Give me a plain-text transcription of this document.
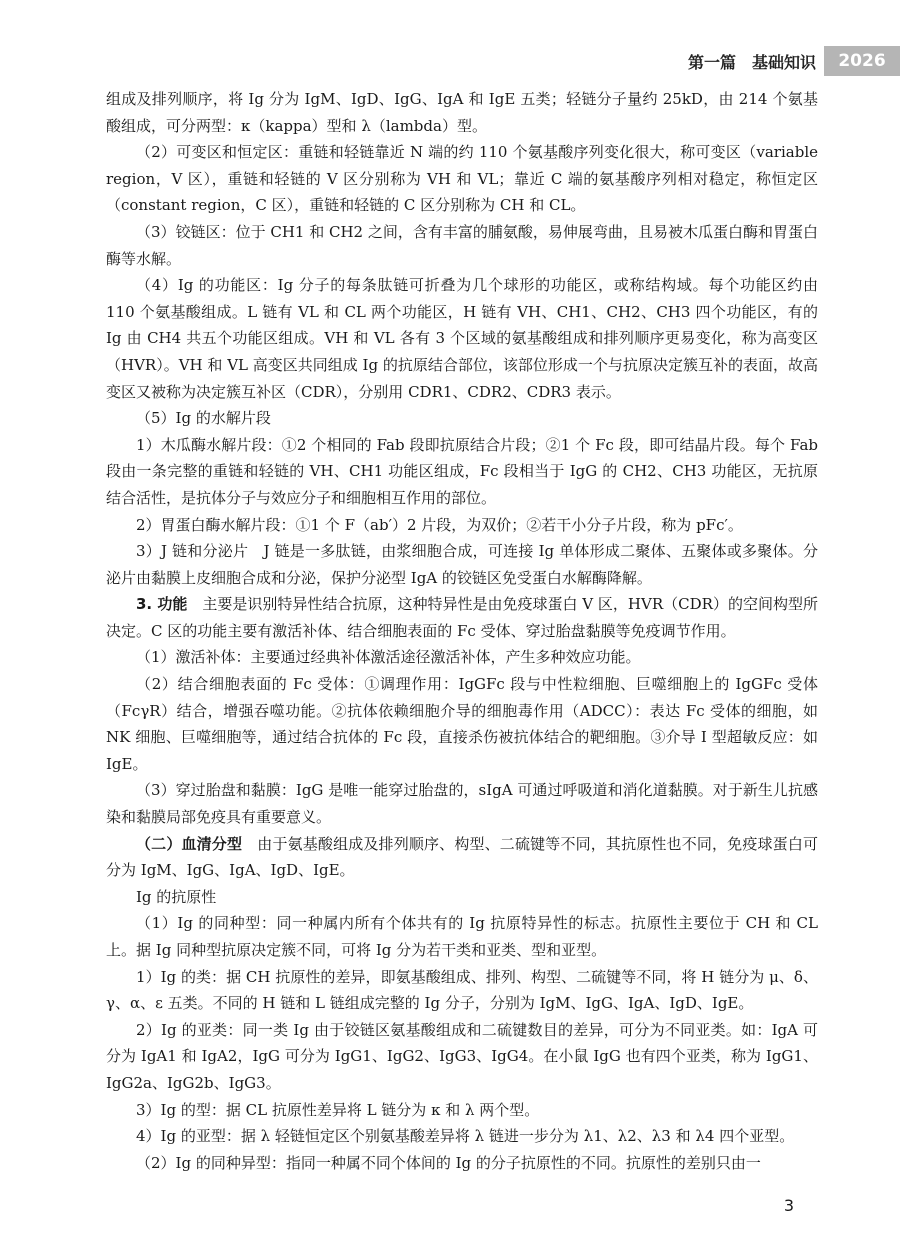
第一篇　基础知识	2026

组成及排列顺序，将 Ig 分为 IgM、IgD、IgG、IgA 和 IgE 五类；轻链分子量约 25kD，由 214 个氨基酸组成，可分两型：κ（kappa）型和 λ（lambda）型。

（2）可变区和恒定区：重链和轻链靠近 N 端的约 110 个氨基酸序列变化很大，称可变区（variable region，V 区），重链和轻链的 V 区分别称为 VH 和 VL；靠近 C 端的氨基酸序列相对稳定，称恒定区（constant region，C 区），重链和轻链的 C 区分别称为 CH 和 CL。

（3）铰链区：位于 CH1 和 CH2 之间，含有丰富的脯氨酸，易伸展弯曲，且易被木瓜蛋白酶和胃蛋白酶等水解。

（4）Ig 的功能区：Ig 分子的每条肽链可折叠为几个球形的功能区，或称结构域。每个功能区约由 110 个氨基酸组成。L 链有 VL 和 CL 两个功能区，H 链有 VH、CH1、CH2、CH3 四个功能区，有的 Ig 由 CH4 共五个功能区组成。VH 和 VL 各有 3 个区域的氨基酸组成和排列顺序更易变化，称为高变区（HVR）。VH 和 VL 高变区共同组成 Ig 的抗原结合部位，该部位形成一个与抗原决定簇互补的表面，故高变区又被称为决定簇互补区（CDR），分别用 CDR1、CDR2、CDR3 表示。

（5）Ig 的水解片段

1）木瓜酶水解片段：①2 个相同的 Fab 段即抗原结合片段；②1 个 Fc 段，即可结晶片段。每个 Fab 段由一条完整的重链和轻链的 VH、CH1 功能区组成，Fc 段相当于 IgG 的 CH2、CH3 功能区，无抗原结合活性，是抗体分子与效应分子和细胞相互作用的部位。

2）胃蛋白酶水解片段：①1 个 F（ab′）2 片段，为双价；②若干小分子片段，称为 pFc′。

3）J 链和分泌片　J 链是一多肽链，由浆细胞合成，可连接 Ig 单体形成二聚体、五聚体或多聚体。分泌片由黏膜上皮细胞合成和分泌，保护分泌型 IgA 的铰链区免受蛋白水解酶降解。

3. 功能　 主要是识别特异性结合抗原，这种特异性是由免疫球蛋白 V 区，HVR（CDR）的空间构型所决定。C 区的功能主要有激活补体、结合细胞表面的 Fc 受体、穿过胎盘黏膜等免疫调节作用。

（1）激活补体：主要通过经典补体激活途径激活补体，产生多种效应功能。

（2）结合细胞表面的 Fc 受体：①调理作用：IgGFc 段与中性粒细胞、巨噬细胞上的 IgGFc 受体（FcγR）结合，增强吞噬功能。②抗体依赖细胞介导的细胞毒作用（ADCC）：表达 Fc 受体的细胞，如 NK 细胞、巨噬细胞等，通过结合抗体的 Fc 段，直接杀伤被抗体结合的靶细胞。③介导 I 型超敏反应：如 IgE。

（3）穿过胎盘和黏膜：IgG 是唯一能穿过胎盘的，sIgA 可通过呼吸道和消化道黏膜。对于新生儿抗感染和黏膜局部免疫具有重要意义。

（二）血清分型　 由于氨基酸组成及排列顺序、构型、二硫键等不同，其抗原性也不同，免疫球蛋白可分为 IgM、IgG、IgA、IgD、IgE。

Ig 的抗原性

（1）Ig 的同种型：同一种属内所有个体共有的 Ig 抗原特异性的标志。抗原性主要位于 CH 和 CL 上。据 Ig 同种型抗原决定簇不同，可将 Ig 分为若干类和亚类、型和亚型。

1）Ig 的类：据 CH 抗原性的差异，即氨基酸组成、排列、构型、二硫键等不同，将 H 链分为 μ、δ、γ、α、ε 五类。不同的 H 链和 L 链组成完整的 Ig 分子，分别为 IgM、IgG、IgA、IgD、IgE。

2）Ig 的亚类：同一类 Ig 由于铰链区氨基酸组成和二硫键数目的差异，可分为不同亚类。如：IgA 可分为 IgA1 和 IgA2，IgG 可分为 IgG1、IgG2、IgG3、IgG4。在小鼠 IgG 也有四个亚类，称为 IgG1、IgG2a、IgG2b、IgG3。

3）Ig 的型：据 CL 抗原性差异将 L 链分为 κ 和 λ 两个型。

4）Ig 的亚型：据 λ 轻链恒定区个别氨基酸差异将 λ 链进一步分为 λ1、λ2、λ3 和 λ4 四个亚型。

（2）Ig 的同种异型：指同一种属不同个体间的 Ig 的分子抗原性的不同。抗原性的差别只由一

3
